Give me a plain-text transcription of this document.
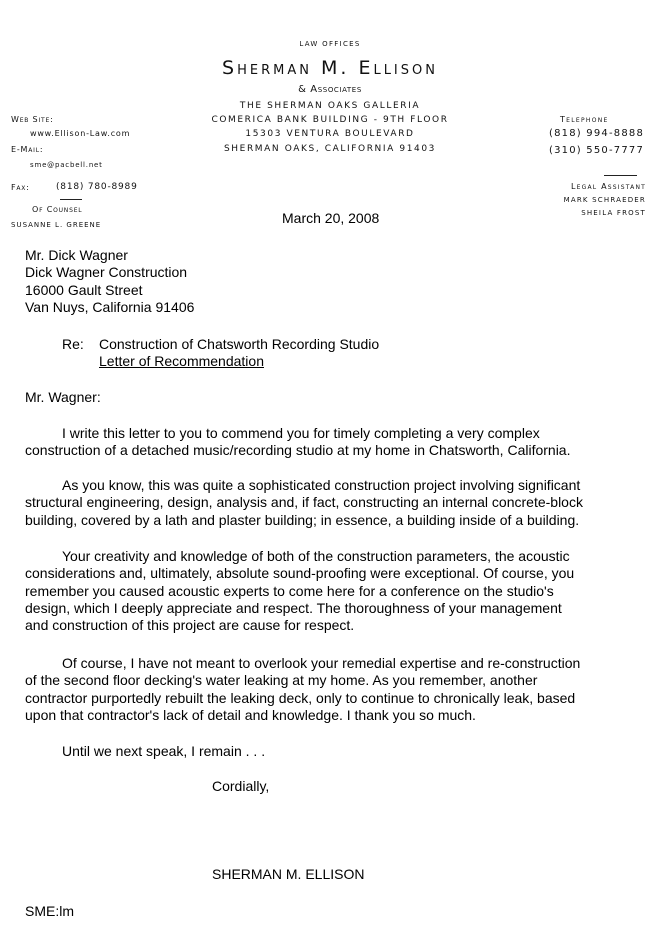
LAW OFFICES
Sherman M. Ellison
& Associates
THE SHERMAN OAKS GALLERIA
COMERICA BANK BUILDING - 9TH FLOOR
15303 VENTURA BOULEVARD
SHERMAN OAKS, CALIFORNIA 91403
Web Site:
www.Ellison-Law.com
E-Mail:
sme@pacbell.net
Fax:	(818) 780-8989
Of Counsel
SUSANNE L. GREENE
Telephone
(818) 994-8888
(310) 550-7777
Legal Assistant
MARK SCHRAEDER
SHEILA FROST
March 20, 2008
Mr. Dick Wagner
Dick Wagner Construction
16000 Gault Street
Van Nuys, California 91406
Re: Construction of Chatsworth Recording Studio
Letter of Recommendation
Mr. Wagner:
I write this letter to you to commend you for timely completing a very complex
construction of a detached music/recording studio at my home in Chatsworth, California.
As you know, this was quite a sophisticated construction project involving significant
structural engineering, design, analysis and, if fact, constructing an internal concrete-block
building, covered by a lath and plaster building; in essence, a building inside of a building.
Your creativity and knowledge of both of the construction parameters, the acoustic
considerations and, ultimately, absolute sound-proofing were exceptional. Of course, you
remember you caused acoustic experts to come here for a conference on the studio's
design, which I deeply appreciate and respect. The thoroughness of your management
and construction of this project are cause for respect.
Of course, I have not meant to overlook your remedial expertise and re-construction
of the second floor decking's water leaking at my home. As you remember, another
contractor purportedly rebuilt the leaking deck, only to continue to chronically leak, based
upon that contractor's lack of detail and knowledge. I thank you so much.
Until we next speak, I remain . . .
Cordially,
SHERMAN M. ELLISON
SME:lm
